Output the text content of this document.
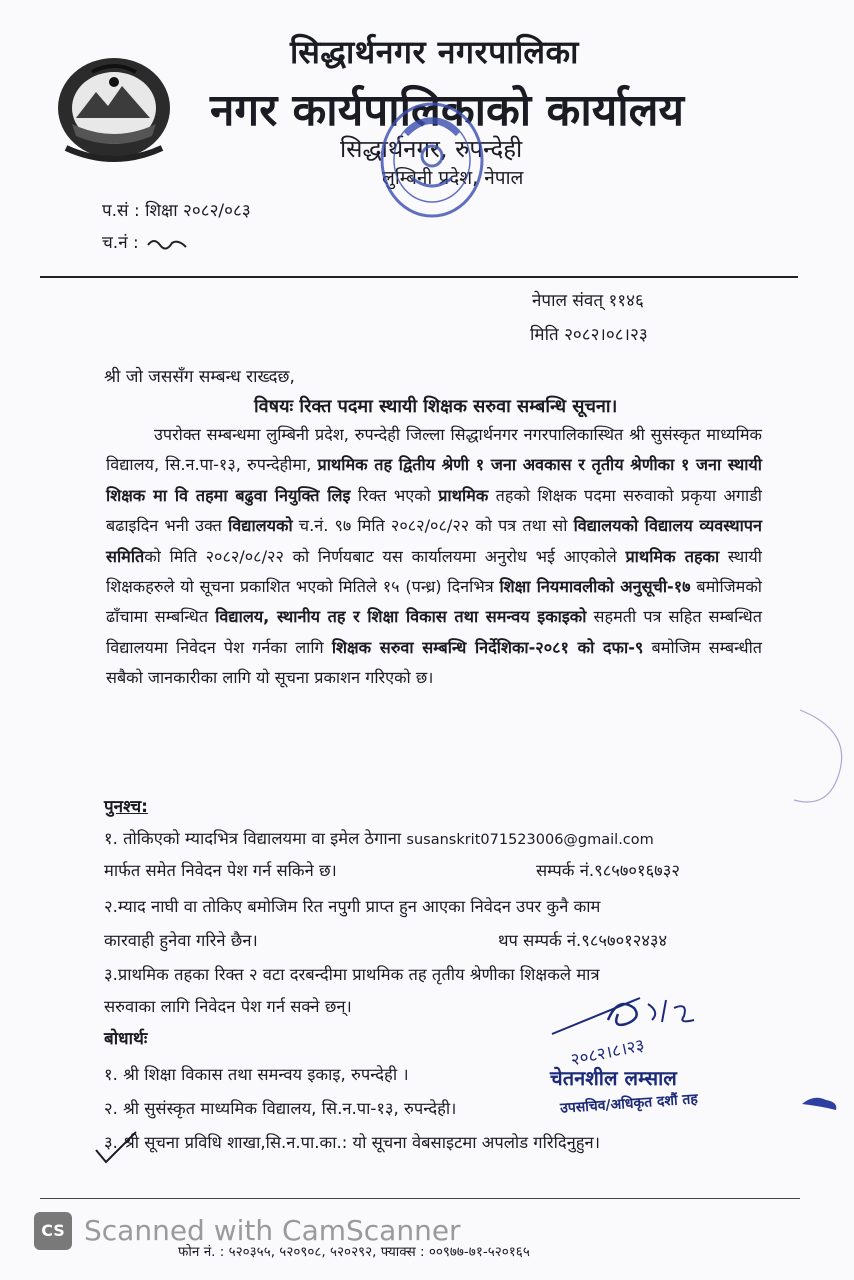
सिद्धार्थनगर नगरपालिका
नगर कार्यपालिकाको कार्यालय
सिद्धार्थनगर, रुपन्देही
लुम्बिनी प्रदेश, नेपाल
प.सं : शिक्षा २०८२/०८३
च.नं :
नेपाल संवत् ११४६
मिति २०८२।०८।२३
श्री जो जससँग सम्बन्ध राख्दछ,
विषयः रिक्त पदमा स्थायी शिक्षक सरुवा सम्बन्धि सूचना।
उपरोक्त सम्बन्धमा लुम्बिनी प्रदेश, रुपन्देही जिल्ला सिद्धार्थनगर नगरपालिकास्थित श्री सुसंस्कृत माध्यमिक विद्यालय, सि.न.पा-१३, रुपन्देहीमा, प्राथमिक तह द्वितीय श्रेणी १ जना अवकास र तृतीय श्रेणीका १ जना स्थायी शिक्षक मा वि तहमा बढुवा नियुक्ति लिइ रिक्त भएको प्राथमिक तहको शिक्षक पदमा सरुवाको प्रकृया अगाडी बढाइदिन भनी उक्त विद्यालयको च.नं. ९७ मिति २०८२/०८/२२ को पत्र तथा सो विद्यालयको विद्यालय व्यवस्थापन समितिको मिति २०८२/०८/२२ को निर्णयबाट यस कार्यालयमा अनुरोध भई आएकोले प्राथमिक तहका स्थायी शिक्षकहरुले यो सूचना प्रकाशित भएको मितिले १५ (पन्ध्र) दिनभित्र शिक्षा नियमावलीको अनुसूची-१७ बमोजिमको ढाँचामा सम्बन्धित विद्यालय, स्थानीय तह र शिक्षा विकास तथा समन्वय इकाइको सहमती पत्र सहित सम्बन्धित विद्यालयमा निवेदन पेश गर्नका लागि शिक्षक सरुवा सम्बन्धि निर्देशिका-२०८१ को दफा-९ बमोजिम सम्बन्धीत सबैको जानकारीका लागि यो सूचना प्रकाशन गरिएको छ।
पुनश्च:
१. तोकिएको म्यादभित्र विद्यालयमा वा इमेल ठेगाना susanskrit071523006@gmail.com
मार्फत समेत निवेदन पेश गर्न सकिने छ।	सम्पर्क नं.९८५७०१६७३२
२.म्याद नाघी वा तोकिए बमोजिम रित नपुगी प्राप्त हुन आएका निवेदन उपर कुनै काम
कारवाही हुनेवा गरिने छैन।	थप सम्पर्क नं.९८५७०१२४३४
३.प्राथमिक तहका रिक्त २ वटा दरबन्दीमा प्राथमिक तह तृतीय श्रेणीका शिक्षकले मात्र
सरुवाका लागि निवेदन पेश गर्न सक्ने छन्।
बोधार्थः
१. श्री शिक्षा विकास तथा समन्वय इकाइ, रुपन्देही ।
२. श्री सुसंस्कृत माध्यमिक विद्यालय, सि.न.पा-१३, रुपन्देही।
३. श्री सूचना प्रविधि शाखा,सि.न.पा.का.: यो सूचना वेबसाइटमा अपलोड गरिदिनुहुन।
२०८२।८।२३
चेतनशील लम्साल
उपसचिव/अधिकृत दशौं तह
CS Scanned with CamScanner
फोन नं. : ५२०३५५, ५२०९०८, ५२०२९२, फ्याक्स : ००९७७-७१-५२०१६५
